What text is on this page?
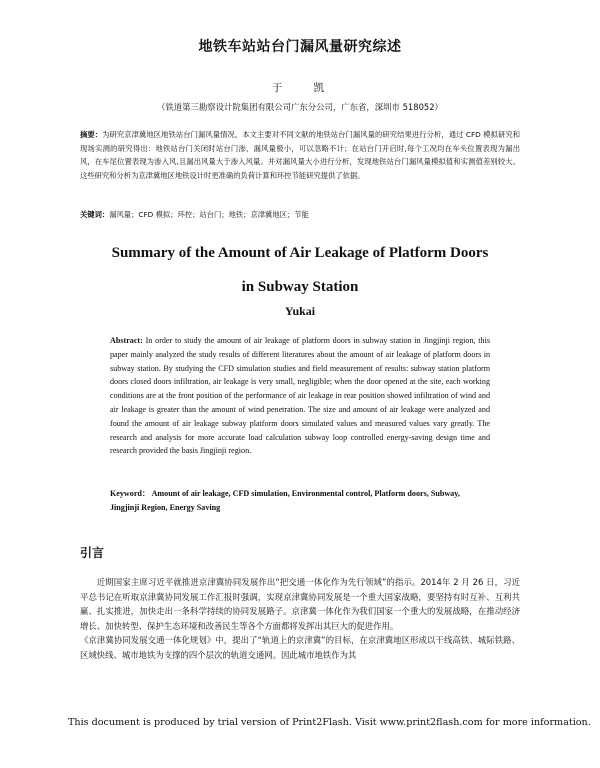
地铁车站站台门漏风量研究综述
于 凯
（铁道第三勘察设计院集团有限公司广东分公司，广东省，深圳市 518052）
摘要：为研究京津冀地区地铁站台门漏风量情况，本文主要对不同文献的地铁站台门漏风量的研究结果进行分析，通过 CFD 模拟研究和现场实测的研究得出：地铁站台门关闭时站台门渗、漏风量极小，可以忽略不计；在站台门开启时,每个工况均在车头位置表现为漏出风，在车尾位置表现为渗入风,且漏出风量大于渗入风量。并对漏风量大小进行分析，发现地铁站台门漏风量模拟值和实测值差别较大。这些研究和分析为京津冀地区地铁设计时更准确的负荷计算和环控节能研究提供了依据。
关键词：漏风量；CFD 模拟；环控；站台门；地铁；京津冀地区；节能
Summary of the Amount of Air Leakage of Platform Doors
in Subway Station
Yukai
Abstract: In order to study the amount of air leakage of platform doors in subway station in Jingjinji region, this paper mainly analyzed the study results of different literatures about the amount of air leakage of platform doors in subway station. By studying the CFD simulation studies and field measurement of results: subway station platform doors closed doors infiltration, air leakage is very small, negligible; when the door opened at the site, each working conditions are at the front position of the performance of air leakage in rear position showed infiltration of wind and air leakage is greater than the amount of wind penetration. The size and amount of air leakage were analyzed and found the amount of air leakage subway platform doors simulated values and measured values vary greatly. The research and analysis for more accurate load calculation subway loop controlled energy-saving design time and research provided the basis Jingjinji region.
Keyword： Amount of air leakage, CFD simulation, Environmental control, Platform doors, Subway, Jingjinji Region, Energy Saving
引言

近期国家主席习近平就推进京津冀协同发展作出“把交通一体化作为先行领域”的指示。2014年 2 月 26 日，习近平总书记在听取京津冀协同发展工作汇报时强调，实现京津冀协同发展是一个重大国家战略，要坚持有时互补、互利共赢、扎实推进，加快走出一条科学持续的协同发展路子。京津冀一体化作为我们国家一个重大的发展战略，在推动经济增长、加快转型、保护生态环境和改善民生等各个方面都将发挥出其巨大的促进作用。

《京津冀协同发展交通一体化规划》中，提出了“轨道上的京津冀”的目标，在京津冀地区形成以干线高铁、城际铁路、区域快线、城市地铁为支撑的四个层次的轨道交通网。因此城市地铁作为其

This document is produced by trial version of Print2Flash. Visit www.print2flash.com for more information.
